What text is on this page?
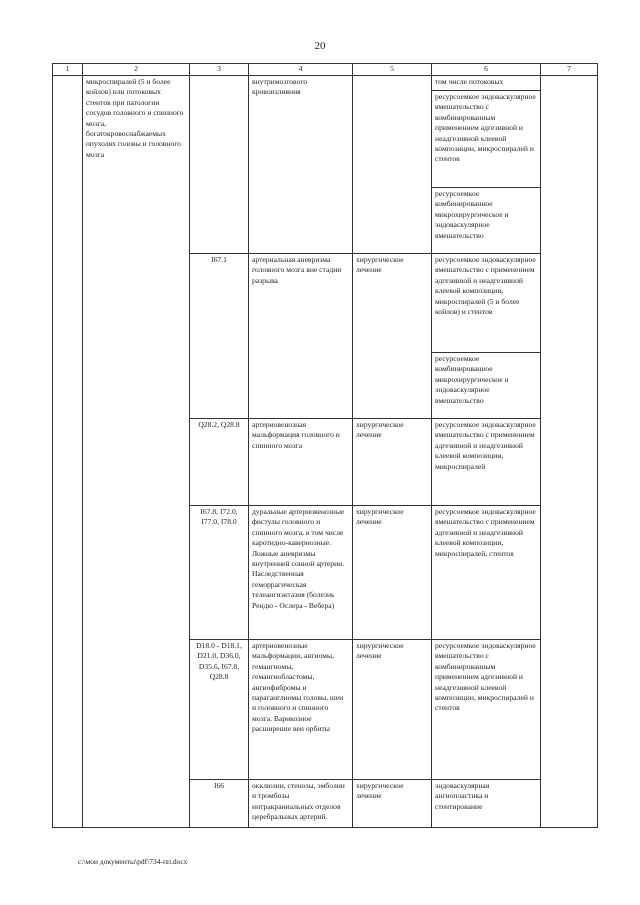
20
1	2	3	4	5	6	7
	микроспиралей (5 и более койлов) или потоковых стентов при патологии сосудов головного и спинного мозга, богатокровоснабжаемых опухолях головы и головного мозга		внутримозгового кровоизлияния		том числе потоковых	
					ресурсоемкое эндоваскулярное вмешательство с комбинированным применением адгезивной и неадгезивной клеевой композиции, микроспиралей и стентов	
					ресурсоемкое комбинированное микрохирургическое и эндоваскулярное вмешательство	
		I67.1	артериальная аневризма головного мозга вне стадии разрыва	хирургическое лечение	ресурсоемкое эндоваскулярное вмешательство с применением адгезивной и неадгезивной клеевой композиции, микроспиралей (5 и более койлов) и стентов	
					ресурсоемкое комбинированное микрохирургическое и эндоваскулярное вмешательство	
		Q28.2, Q28.8	артериовенозная мальформация головного и спинного мозга	хирургическое лечение	ресурсоемкое эндоваскулярное вмешательство с применением адгезивной и неадгезивной клеевой композиции, микроспиралей	
		I67.8, I72.0, I77.0, I78.0	дуральные артериовенозные фистулы головного и спинного мозга, в том числе каротидно-кавернозные. Ложные аневризмы внутренней сонной артерии. Наследственная геморрагическая телеангиэктазия (болезнь Рендю - Ослера - Вебера)	хирургическое лечение	ресурсоемкое эндоваскулярное вмешательство с применением адгезивной и неадгезивной клеевой композиции, микроспиралей, стентов	
		D18.0 - D18.1, D21.0, D36.0, D35.6, I67.8, Q28.8	артериовенозные мальформации, ангиомы, гемангиомы, гемангиобластомы, ангиофибромы и параганглиомы головы, шеи и головного и спинного мозга. Варикозное расширение вен орбиты	хирургическое лечение	ресурсоемкое эндоваскулярное вмешательство с комбинированным применением адгезивной и неадгезивной клеевой композиции, микроспиралей и стентов	
		I66	окклюзии, стенозы, эмболии и тромбозы интракраниальных отделов церебральных артерий.	хирургическое лечение	эндоваскулярная ангиопластика и стентирование	
c:\мои документы\pdf\734-пп.docx
